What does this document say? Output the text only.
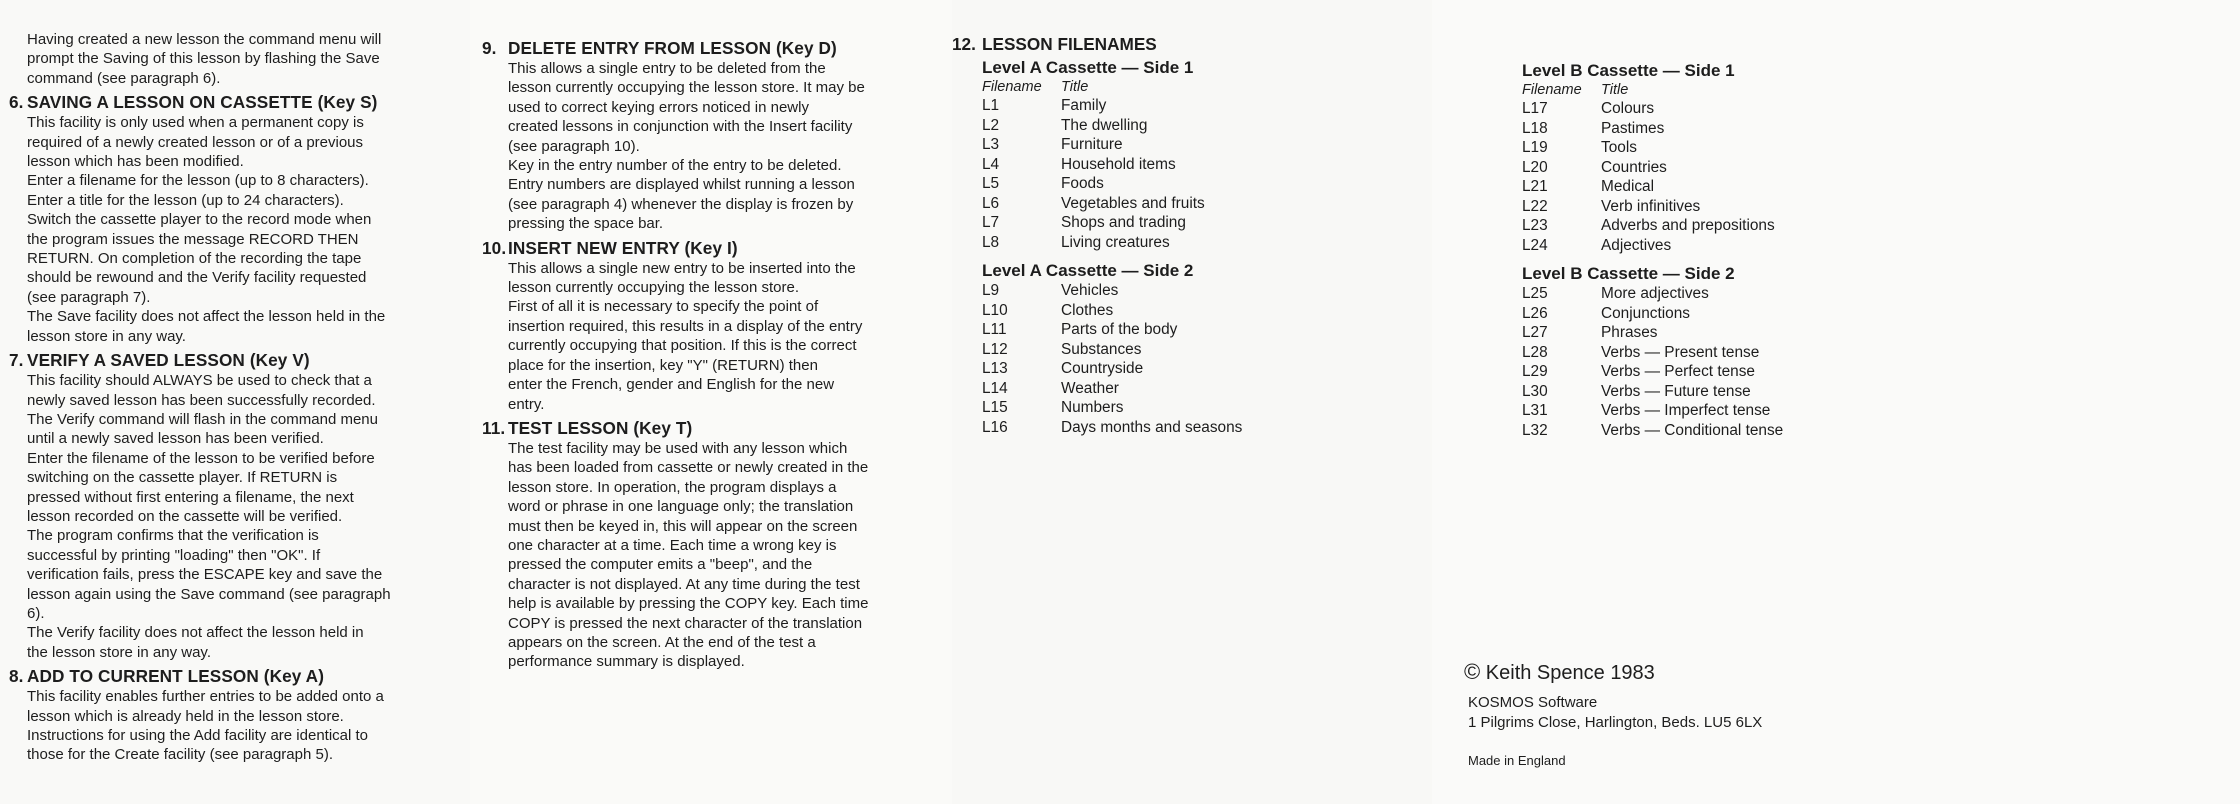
Having created a new lesson the command menu will

prompt the Saving of this lesson by flashing the Save

command (see paragraph 6).

6. SAVING A LESSON ON CASSETTE (Key S)

This facility is only used when a permanent copy is

required of a newly created lesson or of a previous

lesson which has been modified.

Enter a filename for the lesson (up to 8 characters).

Enter a title for the lesson (up to 24 characters).

Switch the cassette player to the record mode when

the program issues the message RECORD THEN

RETURN. On completion of the recording the tape

should be rewound and the Verify facility requested

(see paragraph 7).

The Save facility does not affect the lesson held in the

lesson store in any way.

7. VERIFY A SAVED LESSON (Key V)

This facility should ALWAYS be used to check that a

newly saved lesson has been successfully recorded.

The Verify command will flash in the command menu

until a newly saved lesson has been verified.

Enter the filename of the lesson to be verified before

switching on the cassette player. If RETURN is

pressed without first entering a filename, the next

lesson recorded on the cassette will be verified.

The program confirms that the verification is

successful by printing "loading" then "OK". If

verification fails, press the ESCAPE key and save the

lesson again using the Save command (see paragraph

6).

The Verify facility does not affect the lesson held in

the lesson store in any way.

8. ADD TO CURRENT LESSON (Key A)

This facility enables further entries to be added onto a

lesson which is already held in the lesson store.

Instructions for using the Add facility are identical to

those for the Create facility (see paragraph 5).

9. DELETE ENTRY FROM LESSON (Key D)

This allows a single entry to be deleted from the

lesson currently occupying the lesson store. It may be

used to correct keying errors noticed in newly

created lessons in conjunction with the Insert facility

(see paragraph 10).

Key in the entry number of the entry to be deleted.

Entry numbers are displayed whilst running a lesson

(see paragraph 4) whenever the display is frozen by

pressing the space bar.

10. INSERT NEW ENTRY (Key I)

This allows a single new entry to be inserted into the

lesson currently occupying the lesson store.

First of all it is necessary to specify the point of

insertion required, this results in a display of the entry

currently occupying that position. If this is the correct

place for the insertion, key "Y" (RETURN) then

enter the French, gender and English for the new

entry.

11. TEST LESSON (Key T)

The test facility may be used with any lesson which

has been loaded from cassette or newly created in the

lesson store. In operation, the program displays a

word or phrase in one language only; the translation

must then be keyed in, this will appear on the screen

one character at a time. Each time a wrong key is

pressed the computer emits a "beep", and the

character is not displayed. At any time during the test

help is available by pressing the COPY key. Each time

COPY is pressed the next character of the translation

appears on the screen. At the end of the test a

performance summary is displayed.

12. LESSON FILENAMES
Level A Cassette — Side 1
Filename	Title
L1	Family
L2	The dwelling
L3	Furniture
L4	Household items
L5	Foods
L6	Vegetables and fruits
L7	Shops and trading
L8	Living creatures
Level A Cassette — Side 2
L9	Vehicles
L10	Clothes
L11	Parts of the body
L12	Substances
L13	Countryside
L14	Weather
L15	Numbers
L16	Days months and seasons
Level B Cassette — Side 1
Filename	Title
L17	Colours
L18	Pastimes
L19	Tools
L20	Countries
L21	Medical
L22	Verb infinitives
L23	Adverbs and prepositions
L24	Adjectives
Level B Cassette — Side 2
L25	More adjectives
L26	Conjunctions
L27	Phrases
L28	Verbs — Present tense
L29	Verbs — Perfect tense
L30	Verbs — Future tense
L31	Verbs — Imperfect tense
L32	Verbs — Conditional tense
© Keith Spence 1983
KOSMOS Software
1 Pilgrims Close, Harlington, Beds. LU5 6LX
Made in England
